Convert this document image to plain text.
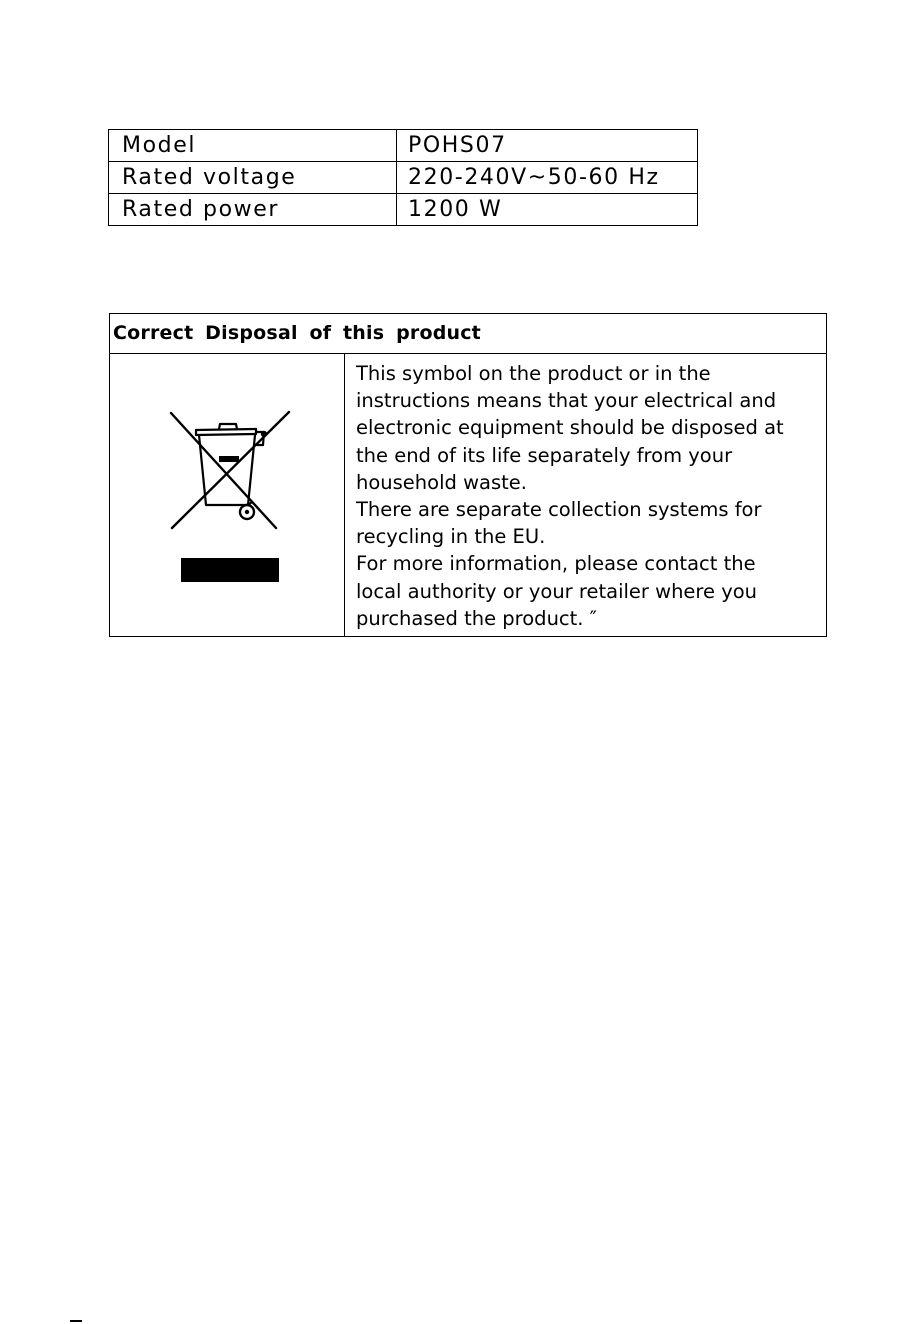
Model	POHS07
Rated voltage	220-240V~50-60 Hz
Rated power	1200 W
Correct Disposal of this product
This symbol on the product or in the
instructions means that your electrical and
electronic equipment should be disposed at
the end of its life separately from your
household waste.
There are separate collection systems for
recycling in the EU.
For more information, please contact the
local authority or your retailer where you
purchased the product. ″
